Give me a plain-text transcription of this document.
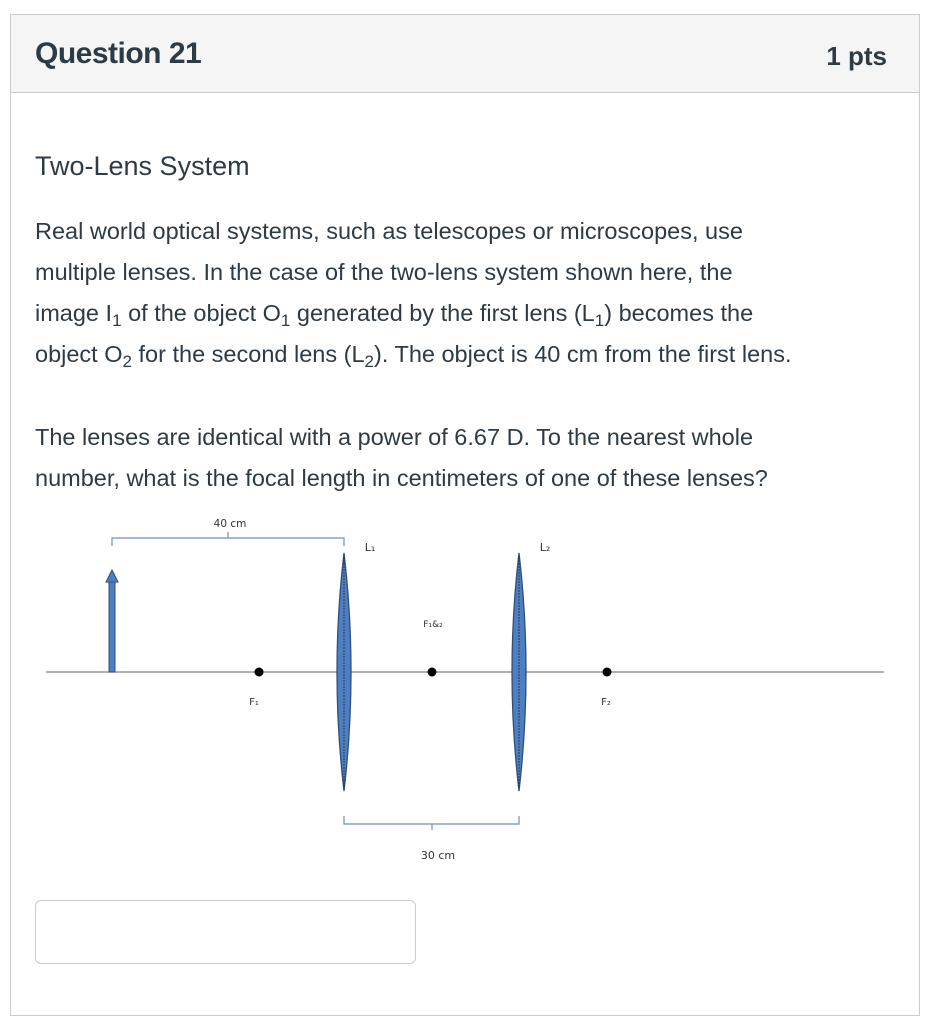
Question 21	1 pts
Two-Lens System
Real world optical systems, such as telescopes or microscopes, use
multiple lenses. In the case of the two-lens system shown here, the
image $I_1$ of the object $O_1$ generated by the first lens $(L_1)$ becomes the
object $O_2$ for the second lens $(L_2)$. The object is 40 cm from the first lens.
The lenses are identical with a power of 6.67 D. To the nearest whole
number, what is the focal length in centimeters of one of these lenses?
40 cm
L₁	L₂
F₁
F₁&₂
F₂
30 cm
